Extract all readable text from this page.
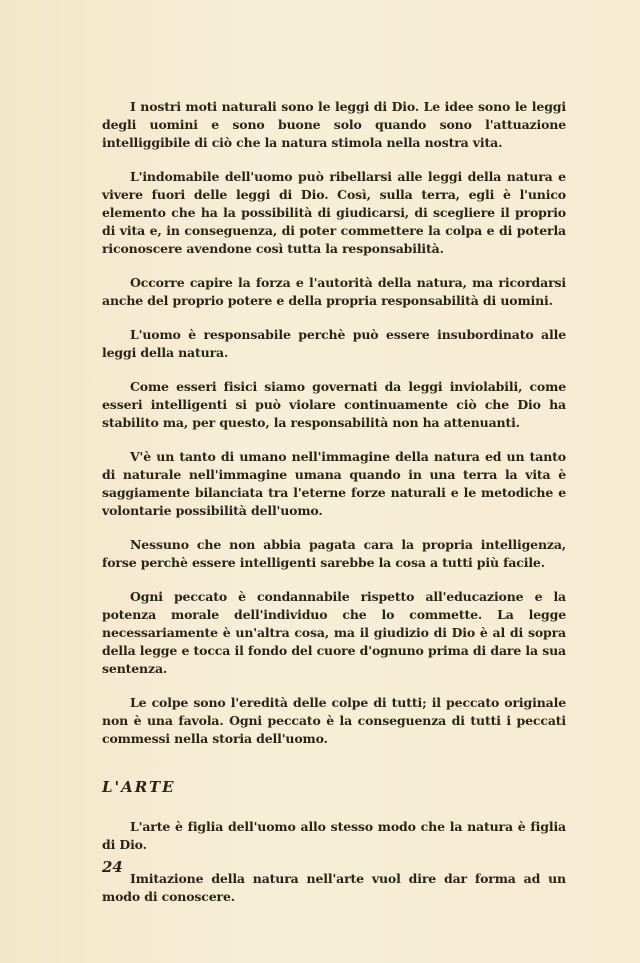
I nostri moti naturali sono le leggi di Dio. Le idee sono le leggi degli uomini e sono buone solo quando sono l'attuazione intelliggibile di ciò che la natura stimola nella nostra vita.

L'indomabile dell'uomo può ribellarsi alle leggi della natura e vivere fuori delle leggi di Dio. Così, sulla terra, egli è l'unico elemento che ha la possibilità di giudicarsi, di scegliere il proprio di vita e, in conseguenza, di poter commettere la colpa e di poterla riconoscere avendone così tutta la responsabilità.

Occorre capire la forza e l'autorità della natura, ma ricordarsi anche del proprio potere e della propria responsabilità di uomini.

L'uomo è responsabile perchè può essere insubordinato alle leggi della natura.

Come esseri fisici siamo governati da leggi inviolabili, come esseri intelligenti si può violare continuamente ciò che Dio ha stabilito ma, per questo, la responsabilità non ha attenuanti.

V'è un tanto di umano nell'immagine della natura ed un tanto di naturale nell'immagine umana quando in una terra la vita è saggiamente bilanciata tra l'eterne forze naturali e le metodiche e volontarie possibilità dell'uomo.

Nessuno che non abbia pagata cara la propria intelligenza, forse perchè essere intelligenti sarebbe la cosa a tutti più facile.

Ogni peccato è condannabile rispetto all'educazione e la potenza morale dell'individuo che lo commette. La legge necessariamente è un'altra cosa, ma il giudizio di Dio è al di sopra della legge e tocca il fondo del cuore d'ognuno prima di dare la sua sentenza.

Le colpe sono l'eredità delle colpe di tutti; il peccato originale non è una favola. Ogni peccato è la conseguenza di tutti i peccati commessi nella storia dell'uomo.

L'ARTE

L'arte è figlia dell'uomo allo stesso modo che la natura è figlia di Dio.

Imitazione della natura nell'arte vuol dire dar forma ad un modo di conoscere.

24
